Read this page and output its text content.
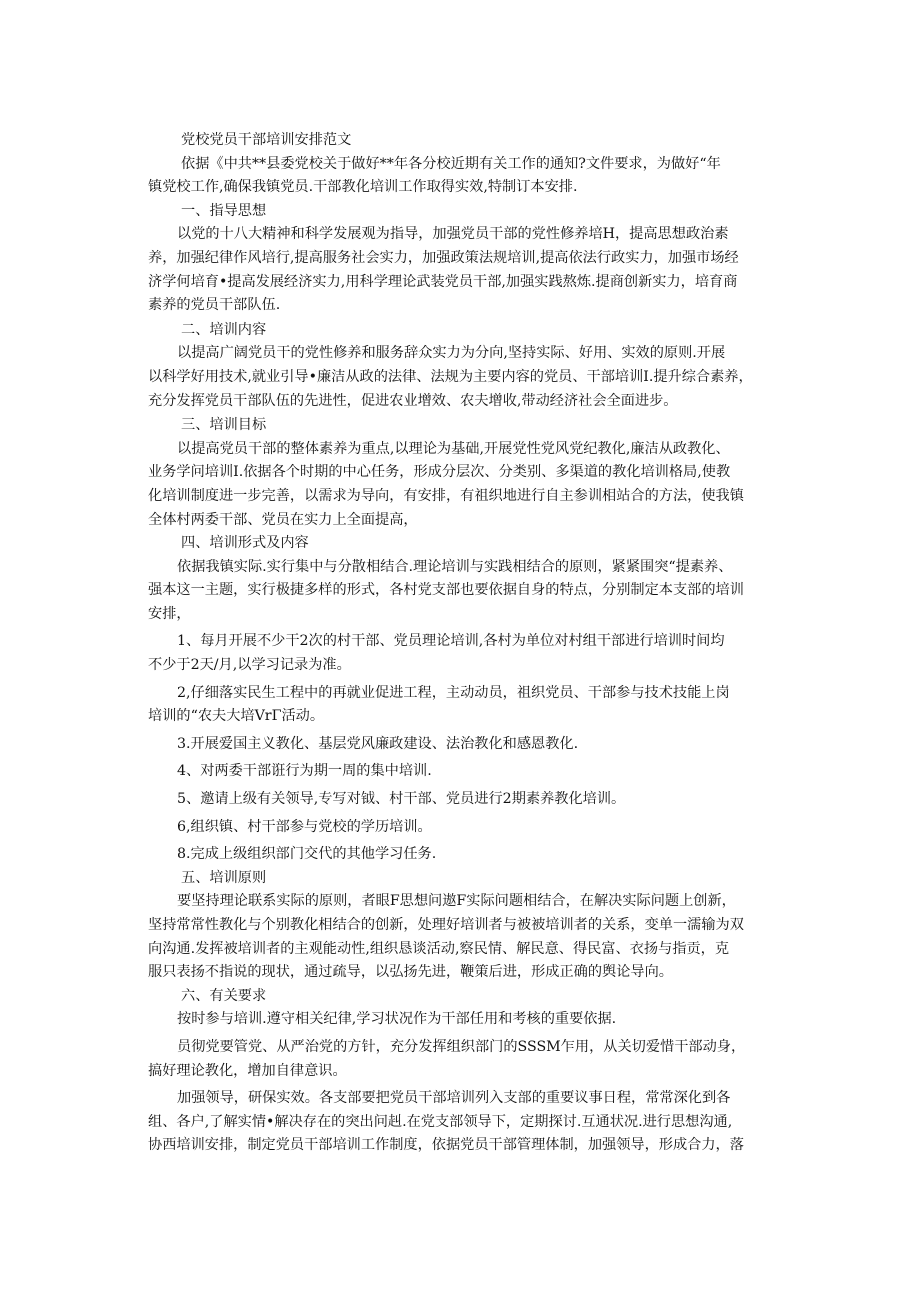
党校党员干部培训安排范文

依据《中共**县委党校关于做好**年各分校近期有关工作的通知?文件要求，为做好“年

镇党校工作,确保我镇党员.干部教化培训工作取得实效,特制订本安排.

一、指导思想

以党的十八大精神和科学发展观为指导，加强党员干部的党性修养培H，提高思想政治素

养，加强纪律作风培行,提高服务社会实力，加强政策法规培训,提高依法行政实力，加强市场经

济学何培育•提高发展经济实力,用科学理论武装党员干部,加强实践熬炼.提商创新实力，培育商

素养的党员干部队伍.

二、培训内容

以提高广阔党员干的党性修养和服务辞众实力为分向,坚持实际、好用、实效的原则.开展

以科学好用技术,就业引导•廉洁从政的法律、法规为主要内容的党员、干部培训I.提升综合素养，

充分发挥党员干部队伍的先进性，促进农业增效、农夫增收,带动经济社会全面进步。

三、培训目标

以提高党员干部的整体素养为重点,以理论为基础,开展党性党风党纪教化,廉洁从政教化、

业务学问培训I.依据各个时期的中心任务，形成分层次、分类别、多渠道的教化培训格局,使教

化培训制度进一步完善，以需求为导向，有安排，有祖织地进行自主参训相站合的方法，使我镇

全体村两委干部、党员在实力上全面提高，

四、培训形式及内容

依据我镇实际.实行集中与分散相结合.理论培训与实践相结合的原则，紧紧围突“提素养、

强本这一主题，实行极捷多样的形式，各村党支部也要依据自身的特点，分别制定本支部的培训

安排，

1、每月开展不少干2次的村干部、党员理论培训,各村为单位对村组干部进行培训时间均

不少于2天/月,以学习记录为准。

2,仔细落实民生工程中的再就业促进工程，主动动员，祖织党员、干部参与技术技能上岗

培训的“农夫大培VrΓ活动。

3.开展爱国主义教化、基层党风廉政建设、法治教化和感恩教化.

4、对两委干部诳行为期一周的集中培训.

5、邀请上级有关领导,专写对钺、村干部、党员进行2期素养教化培训。

6,组织镇、村干部参与党校的学历培训。

8.完成上级组织部门交代的其他学习任务.

五、培训原则

要坚持理论联系实际的原则，者眼F思想问遨F实际问题相结合，在解决实际问题上创新，

坚持常常性教化与个别教化相结合的创新，处理好培训者与被被培训者的关系，变单一濡输为双

向沟通.发挥被培训者的主观能动性,组织恳谈活动,察民情、解民意、得民富、衣扬与指贡，克

服只表扬不指说的现状，通过疏导，以弘扬先进，鞭策后进，形成正确的舆论导向。

六、有关要求

按时参与培训.遵守相关纪律,学习状况作为干部任用和考核的重要依据.

员彻党要管党、从严治党的方针，充分发挥组织部门的SSSM乍用，从关切爱惜干部动身，

搞好理论教化，增加自律意识。

加强领导，研保实效。各支部要把党员干部培训列入支部的重要议事日程，常常深化到各

组、各户,了解实情•解决存在的突出问赳.在党支部领导下，定期探讨.互通状况.进行思想沟通,

协西培训安排，制定党员干部培训工作制度，依据党员干部管理体制，加强领导，形成合力，落
